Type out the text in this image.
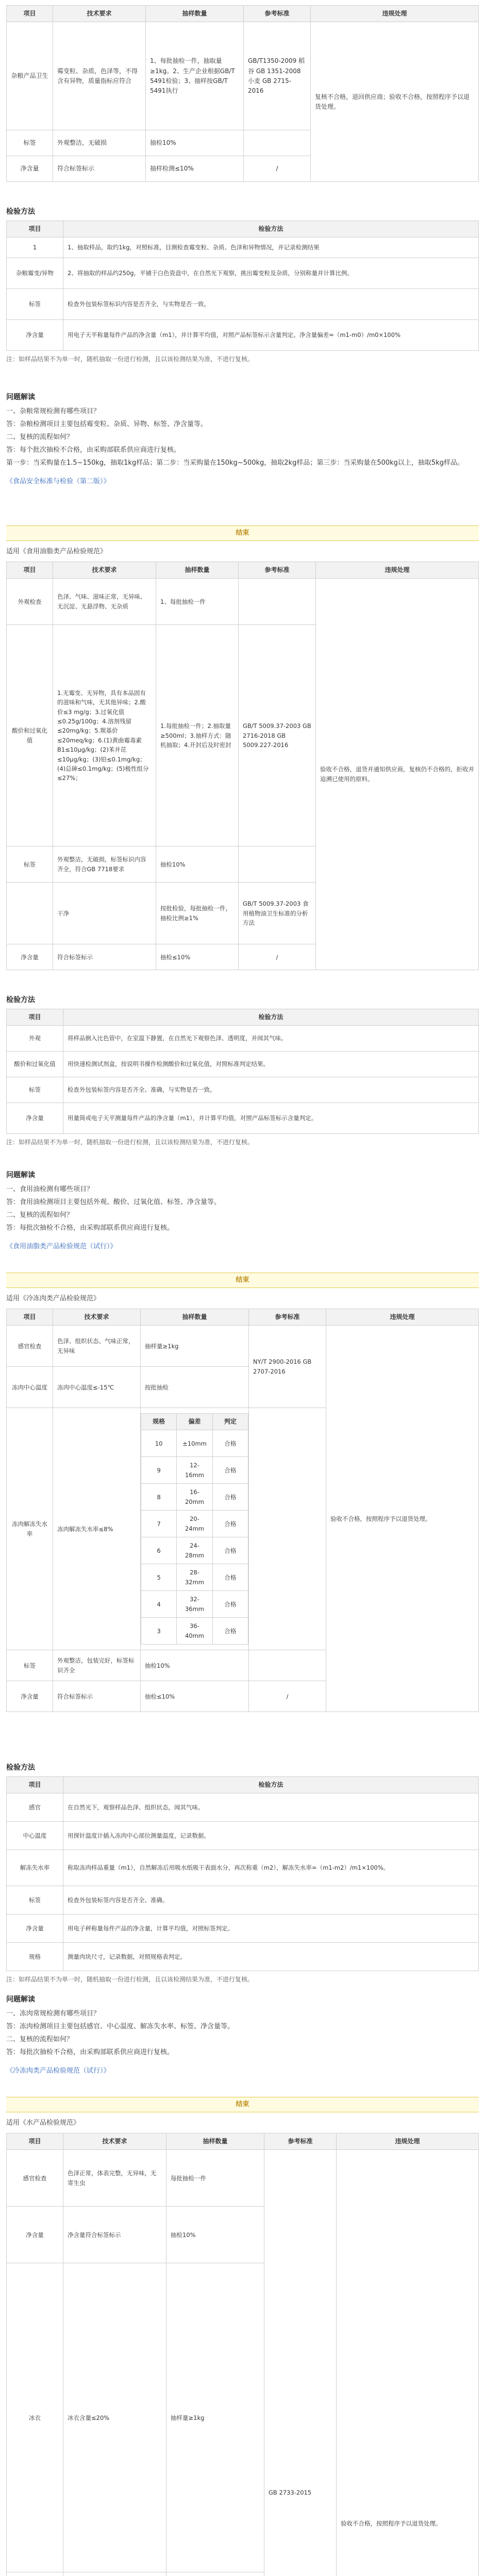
项目	技术要求	抽样数量	参考标准	违规处理
杂粮产品卫生	霉变粒、杂质，色泽等，不得含有异物，质量指标应符合	1、每批抽检一件，抽取量≥1kg。2、生产企业根据GB/T 5491检验；3、抽样按GB/T 5491执行	GB/T1350-2009 稻谷 GB 1351-2008小麦 GB 2715-2016	复核不合格，退回供应商；验收不合格，按照程序予以退货处理。
标签	外观整洁，无破损	抽检10%		
净含量	符合标签标示	抽样检测≤10%	/	
检验方法
项目	检验方法
1	1、抽取样品，取约1kg，对照标准，目测检查霉变粒、杂质、色泽和异物情况，并记录检测结果
杂粮霉变/异物	2、将抽取的样品约250g，平铺于白色瓷盘中，在自然光下观察，挑出霉变粒及杂质，分别称量并计算比例。
标签	检查外包装标签标识内容是否齐全，与实物是否一致。
净含量	用电子天平称量每件产品的净含量（m1），并计算平均值，对照产品标签标示含量判定。净含量偏差=（m1-m0）/m0×100%

注：如样品结果不为单一时，随机抽取一份进行检测，且以该检测结果为准，不进行复核。

问题解读

一、杂粮常规检测有哪些项目？

答：杂粮检测项目主要包括霉变粒、杂质、异物、标签、净含量等。

二、复核的流程如何？

答：每个批次抽检不合格，由采购部联系供应商进行复核。

第一步：当采购量在1.5~150kg，抽取1kg样品；第二步：当采购量在150kg~500kg，抽取2kg样品；第三步：当采购量在500kg以上，抽取5kg样品。

《食品安全标准与检验（第二版）》

结束

适用《食用油脂类产品检验规范》

项目	技术要求	抽样数量	参考标准	违规处理
外观检查	色泽、气味、滋味正常，无异味、无沉淀、无悬浮物、无杂质	1、每批抽检一件		验收不合格，退货并通知供应商，复核仍不合格的，拒收并追溯已使用的原料。
酸价和过氧化值	1.无霉变、无异物，具有本品固有的滋味和气味，无其他异味；2.酸价≤3 mg/g；3.过氧化值≤0.25g/100g；4.溶剂残留≤20mg/kg；5.羰基价≤20meq/kg；6.(1)黄曲霉毒素B1≤10μg/kg；(2)苯并芘≤10μg/kg；(3)铅≤0.1mg/kg；(4)总砷≤0.1mg/kg；(5)极性组分≤27%；	1.每批抽检一件；2.抽取量≥500ml；3.抽样方式：随机抽取；4.开封后及时密封	GB/T 5009.37-2003 GB 2716-2018 GB 5009.227-2016	
标签	外观整洁，无破损，标签标识内容齐全，符合GB 7718要求	抽检10%		
	干净	按批检验，每批抽检一件，抽检比例≥1%	GB/T 5009.37-2003 食用植物油卫生标准的分析方法	
净含量	符合标签标示	抽检≤10%	/	
检验方法
项目	检验方法
外观	将样品倒入比色管中，在室温下静置，在自然光下观察色泽、透明度，并闻其气味。
酸价和过氧化值	用快速检测试剂盒，按说明书操作检测酸价和过氧化值，对照标准判定结果。
标签	检查外包装标签内容是否齐全、准确，与实物是否一致。
净含量	用量筒或电子天平测量每件产品的净含量（m1），并计算平均值，对照产品标签标示含量判定。

注：如样品结果不为单一时，随机抽取一份进行检测，且以该检测结果为准，不进行复核。

问题解读

一、食用油检测有哪些项目？

答：食用油检测项目主要包括外观、酸价、过氧化值、标签、净含量等。

二、复核的流程如何？

答：每批次抽检不合格，由采购部联系供应商进行复核。

《食用油脂类产品检验规范（试行）》

结束

适用《冷冻肉类产品检验规范》

项目	技术要求	抽样数量	参考标准	违规处理
感官检查	色泽、组织状态、气味正常，无异味	抽样量≥1kg	NY/T 2900-2016 GB 2707-2016	验收不合格，按照程序予以退货处理。
冻肉中心温度	冻肉中心温度≤-15℃	按批抽检
冻肉解冻失水率	冻肉解冻失水率≤8%	
规格	偏差	判定
10	±10mm	合格
9	12-16mm	合格
8	16-20mm	合格
7	20-24mm	合格
6	24-28mm	合格
5	28-32mm	合格
4	32-36mm	合格
3	36-40mm	合格

标签	外观整洁，包装完好，标签标识齐全	抽检10%	
净含量	符合标签标示	抽检≤10%	/
检验方法
项目	检验方法
感官	在自然光下，观察样品色泽、组织状态，闻其气味。
中心温度	用探针温度计插入冻肉中心部位测量温度，记录数据。
解冻失水率	称取冻肉样品重量（m1），自然解冻后用吸水纸吸干表面水分，再次称重（m2），解冻失水率=（m1-m2）/m1×100%。
标签	检查外包装标签内容是否齐全、准确。
净含量	用电子秤称量每件产品的净含量，计算平均值，对照标签判定。
规格	测量肉块尺寸，记录数据，对照规格表判定。

注：如样品结果不为单一时，随机抽取一份进行检测，且以该检测结果为准，不进行复核。

问题解读

一、冻肉常规检测有哪些项目？

答：冻肉检测项目主要包括感官、中心温度、解冻失水率、标签、净含量等。

二、复核的流程如何？

答：每批次抽检不合格，由采购部联系供应商进行复核。

《冷冻肉类产品检验规范（试行）》

结束

适用《水产品检验规范》

项目	技术要求	抽样数量	参考标准	违规处理
感官检查	色泽正常，体表完整，无异味，无寄生虫	每批抽检一件	GB 2733-2015	验收不合格，按照程序予以退货处理。
净含量	净含量符合标签标示	抽检10%		
冰衣	冰衣含量≤20%	抽样量≥1kg		
